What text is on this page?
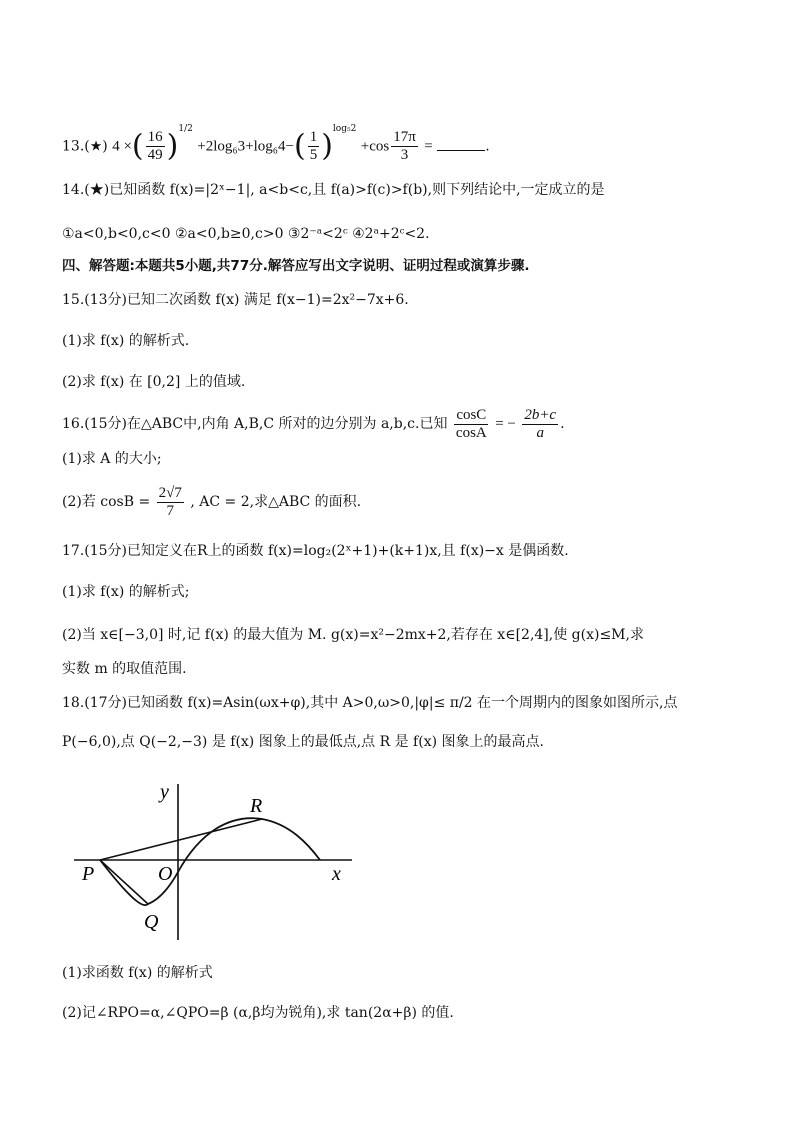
13.(★) 4 ×( $\frac{16}{49} )^{1/2} +2\log_63+\log_64-( \frac{1}{5} )^{log_52} +\cos \frac{17\pi}{3}$ =	.
14.(★)已知函数 f(x)=|2ˣ−1|, a<b<c,且 f(a)>f(c)>f(b),则下列结论中,一定成立的是
①a<0,b<0,c<0 ②a<0,b≥0,c>0 ③2⁻ᵃ<2ᶜ ④2ᵃ+2ᶜ<2.
四、解答题:本题共5小题,共77分.解答应写出文字说明、证明过程或演算步骤.
15.(13分)已知二次函数 f(x) 满足 f(x−1)=2x²−7x+6.
(1)求 f(x) 的解析式.
(2)求 f(x) 在 [0,2] 上的值域.
16.(15分)在△ABC中,内角 A,B,C 所对的边分别为 a,b,c.已知 $\frac{\cos C}{\cos A}$ = − $\frac{2b+c}{a}$ .
(1)求 A 的大小;
(2)若 $\cos B = \frac{2√7}{7}$ , AC = 2,求△ABC 的面积.
17.(15分)已知定义在R上的函数 f(x)=log₂(2ˣ+1)+(k+1)x,且 f(x)−x 是偶函数.
(1)求 f(x) 的解析式;
(2)当 x∈[−3,0] 时,记 f(x) 的最大值为 M. g(x)=x²−2mx+2,若存在 x∈[2,4],使 g(x)≤M,求
实数 m 的取值范围.
18.(17分)已知函数 f(x)=Asin(ωx+φ),其中 A>0,ω>0,|φ|≤ π/2 在一个周期内的图象如图所示,点
P(−6,0),点 Q(−2,−3) 是 f(x) 图象上的最低点,点 R 是 f(x) 图象上的最高点.
y
x
P	O
Q
R
(1)求函数 f(x) 的解析式
(2)记∠RPO=α,∠QPO=β (α,β均为锐角),求 tan(2α+β) 的值.
